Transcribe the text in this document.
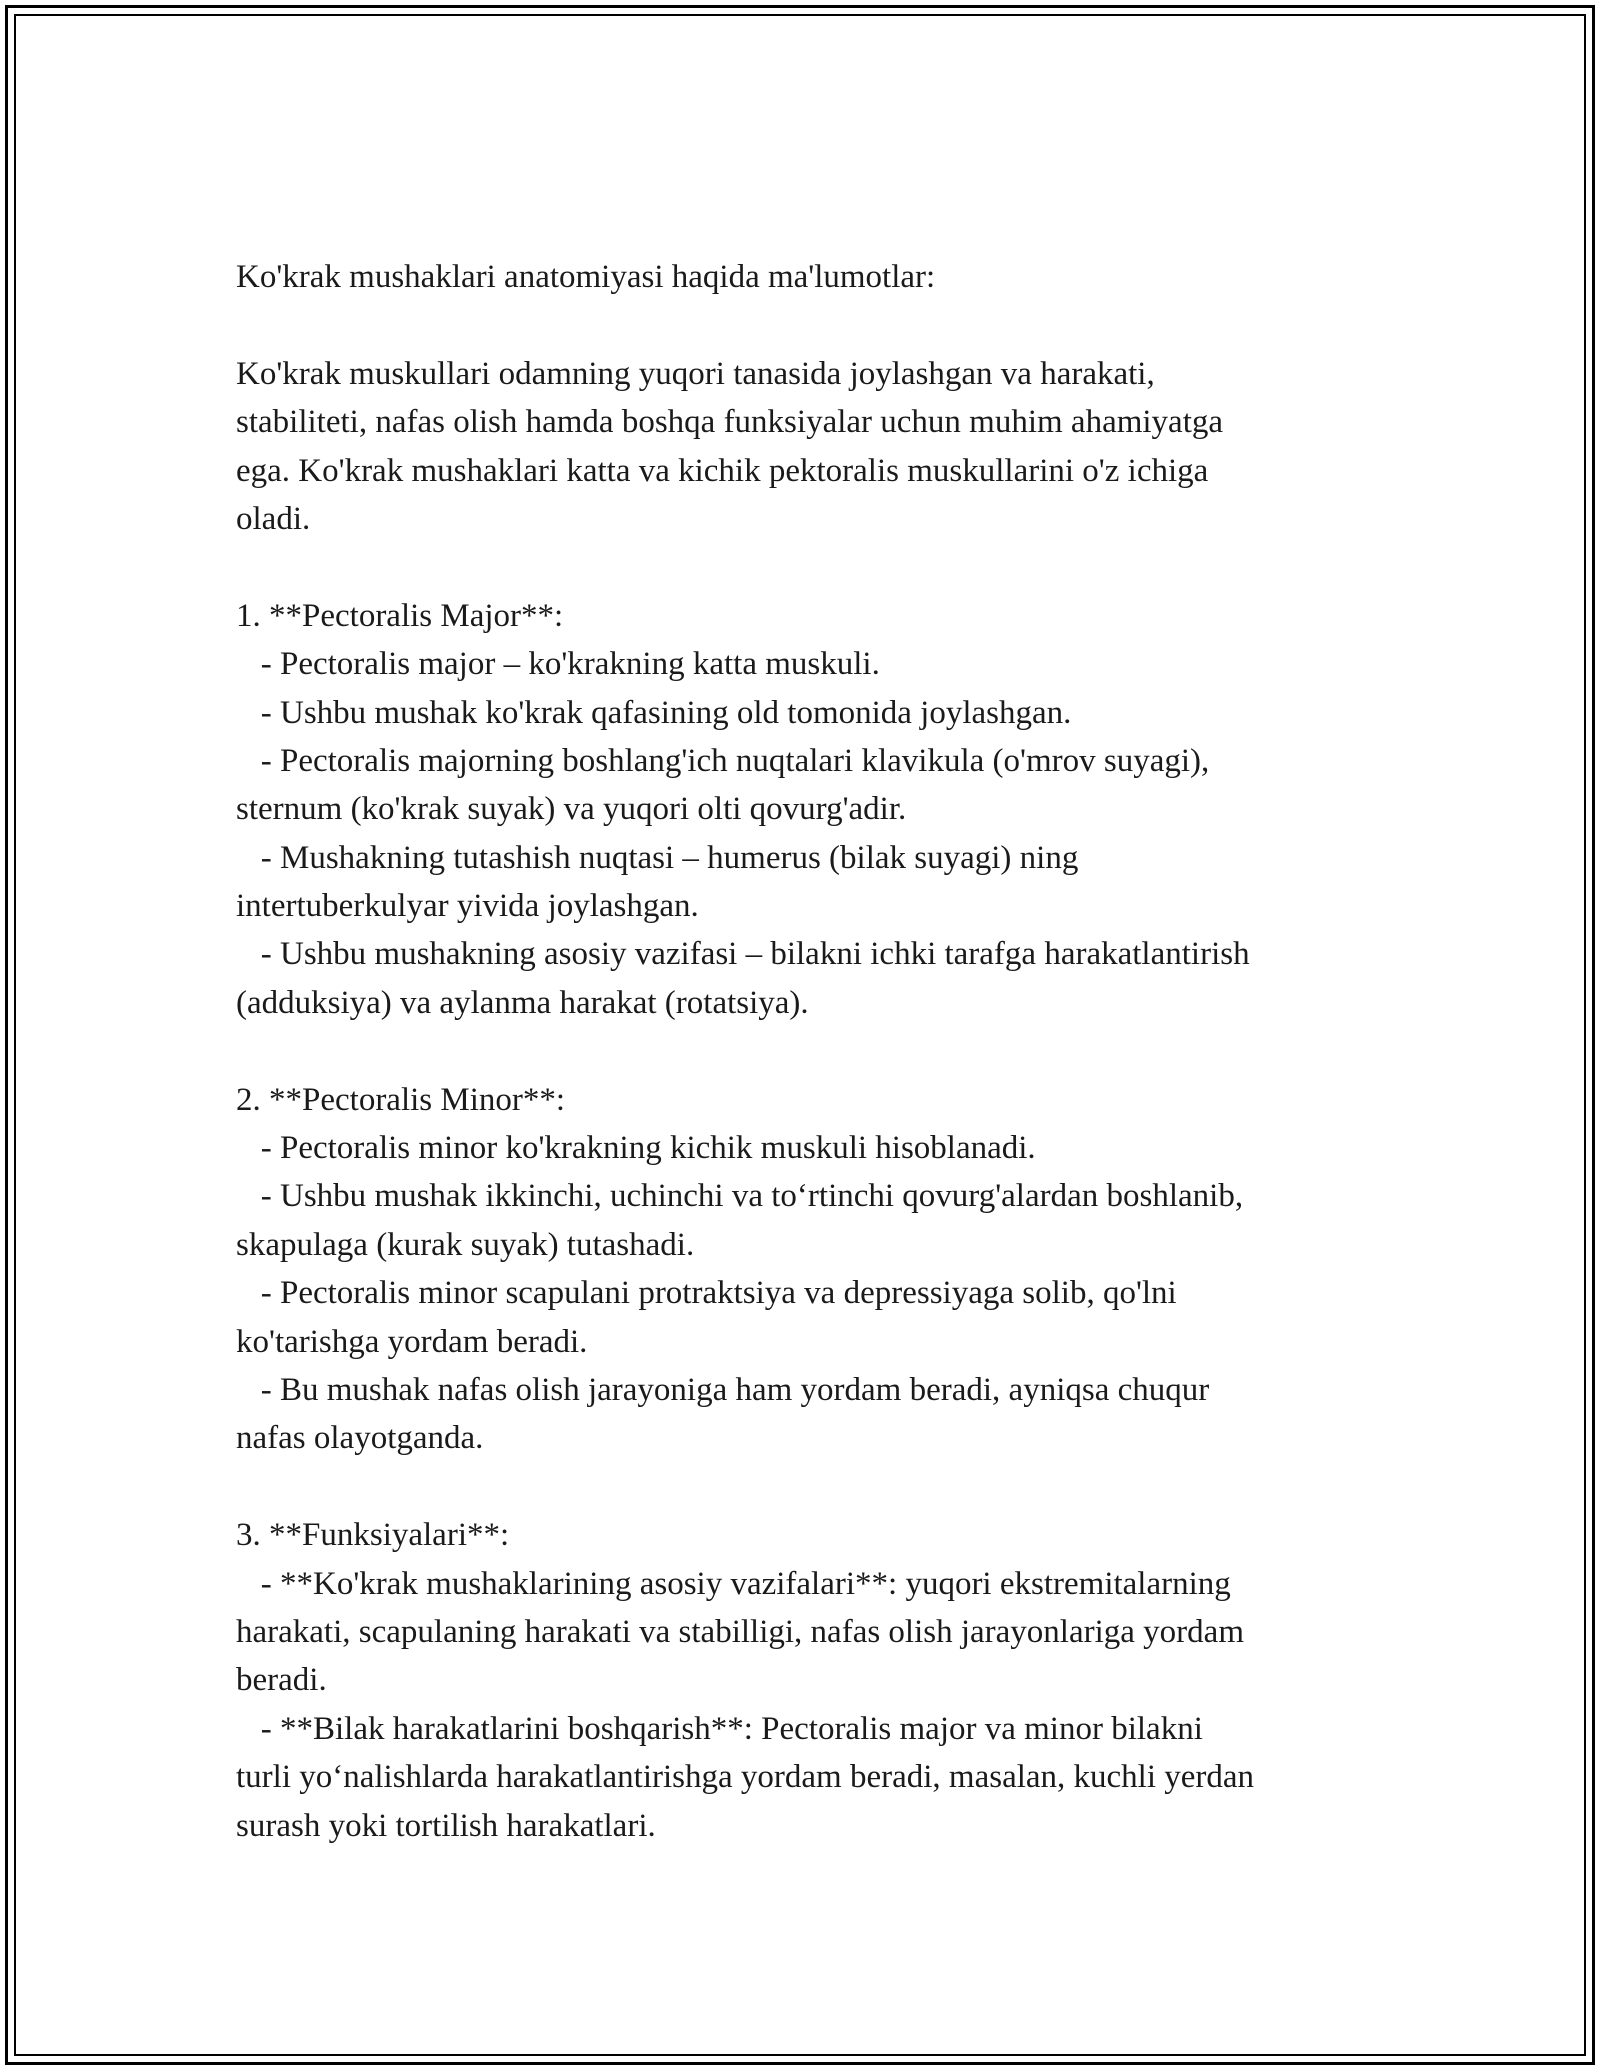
Ko'krak mushaklari anatomiyasi haqida ma'lumotlar:
Ko'krak muskullari odamning yuqori tanasida joylashgan va harakati,
stabiliteti, nafas olish hamda boshqa funksiyalar uchun muhim ahamiyatga
ega. Ko'krak mushaklari katta va kichik pektoralis muskullarini o'z ichiga
oladi.
1. **Pectoralis Major**:
- Pectoralis major – ko'krakning katta muskuli.
- Ushbu mushak ko'krak qafasining old tomonida joylashgan.
- Pectoralis majorning boshlang'ich nuqtalari klavikula (o'mrov suyagi),
sternum (ko'krak suyak) va yuqori olti qovurg'adir.
- Mushakning tutashish nuqtasi – humerus (bilak suyagi) ning
intertuberkulyar yivida joylashgan.
- Ushbu mushakning asosiy vazifasi – bilakni ichki tarafga harakatlantirish
(adduksiya) va aylanma harakat (rotatsiya).
2. **Pectoralis Minor**:
- Pectoralis minor ko'krakning kichik muskuli hisoblanadi.
- Ushbu mushak ikkinchi, uchinchi va to‘rtinchi qovurg'alardan boshlanib,
skapulaga (kurak suyak) tutashadi.
- Pectoralis minor scapulani protraktsiya va depressiyaga solib, qo'lni
ko'tarishga yordam beradi.
- Bu mushak nafas olish jarayoniga ham yordam beradi, ayniqsa chuqur
nafas olayotganda.
3. **Funksiyalari**:
- **Ko'krak mushaklarining asosiy vazifalari**: yuqori ekstremitalarning
harakati, scapulaning harakati va stabilligi, nafas olish jarayonlariga yordam
beradi.
- **Bilak harakatlarini boshqarish**: Pectoralis major va minor bilakni
turli yo‘nalishlarda harakatlantirishga yordam beradi, masalan, kuchli yerdan
surash yoki tortilish harakatlari.
